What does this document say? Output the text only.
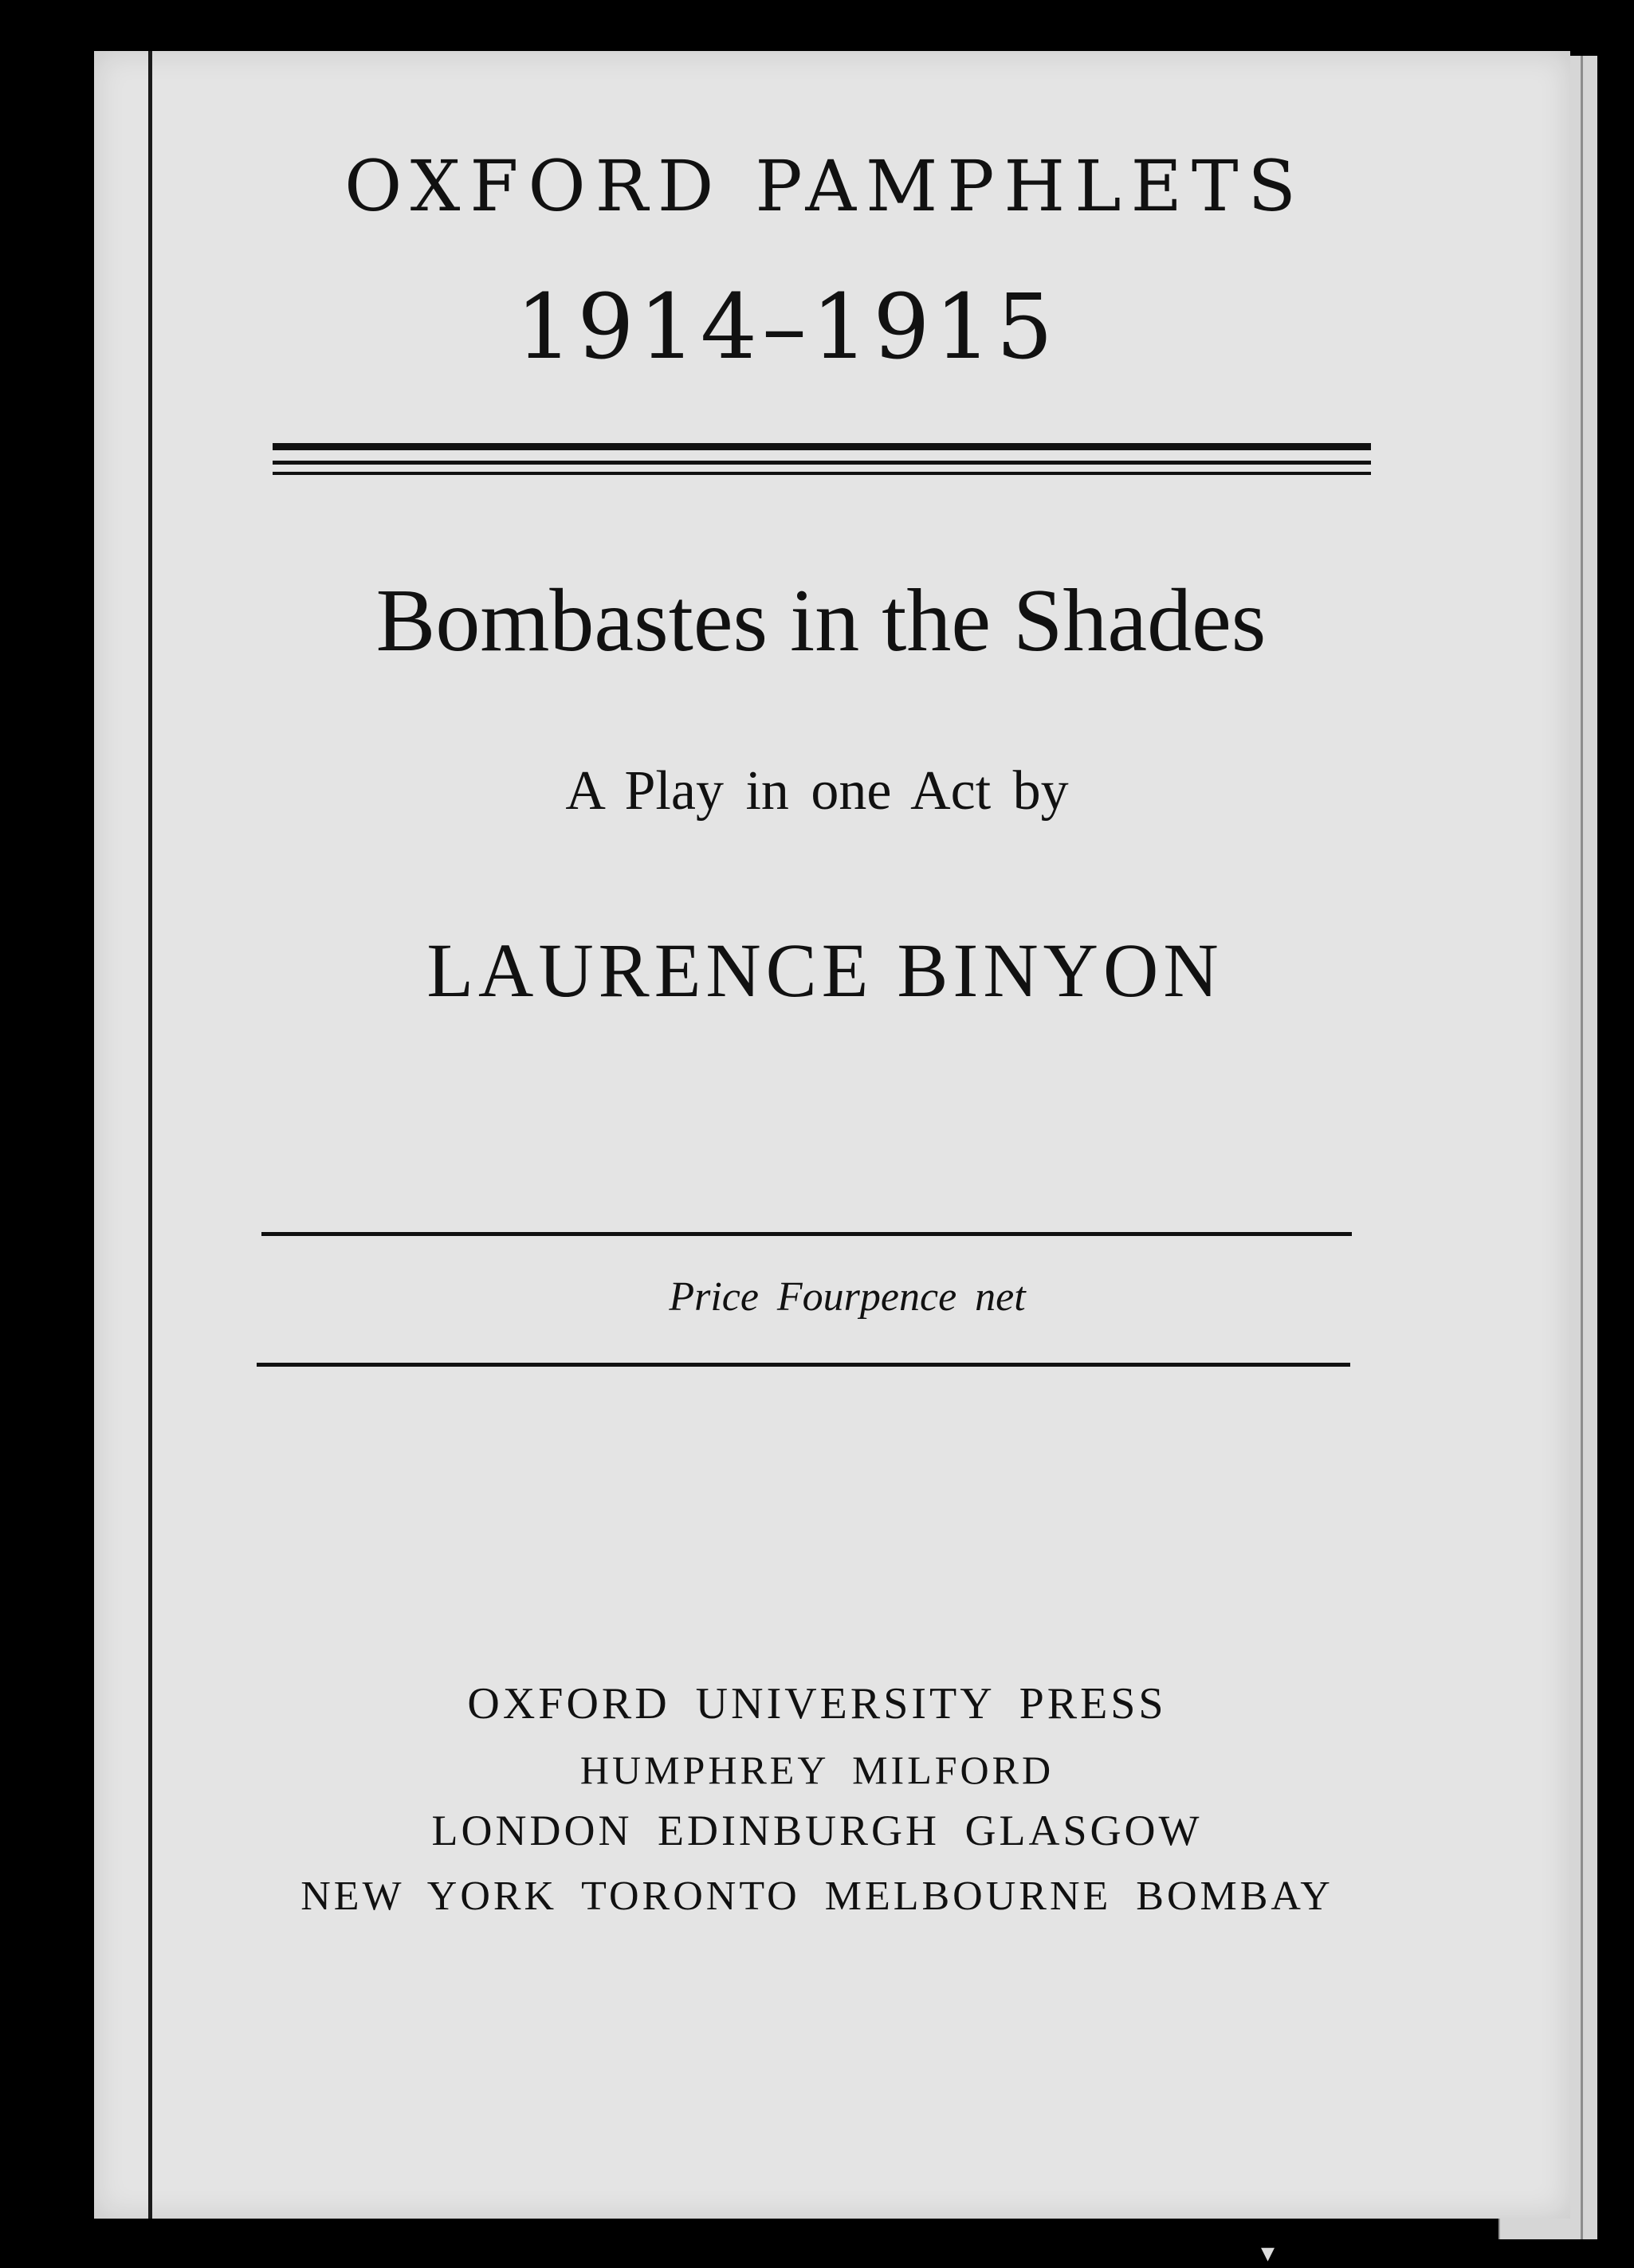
OXFORD PAMPHLETS
1914–1915
Bombastes in the Shades
A Play in one Act by
LAURENCE BINYON
Price Fourpence net
OXFORD UNIVERSITY PRESS
HUMPHREY MILFORD
LONDON EDINBURGH GLASGOW
NEW YORK TORONTO MELBOURNE BOMBAY
▾
